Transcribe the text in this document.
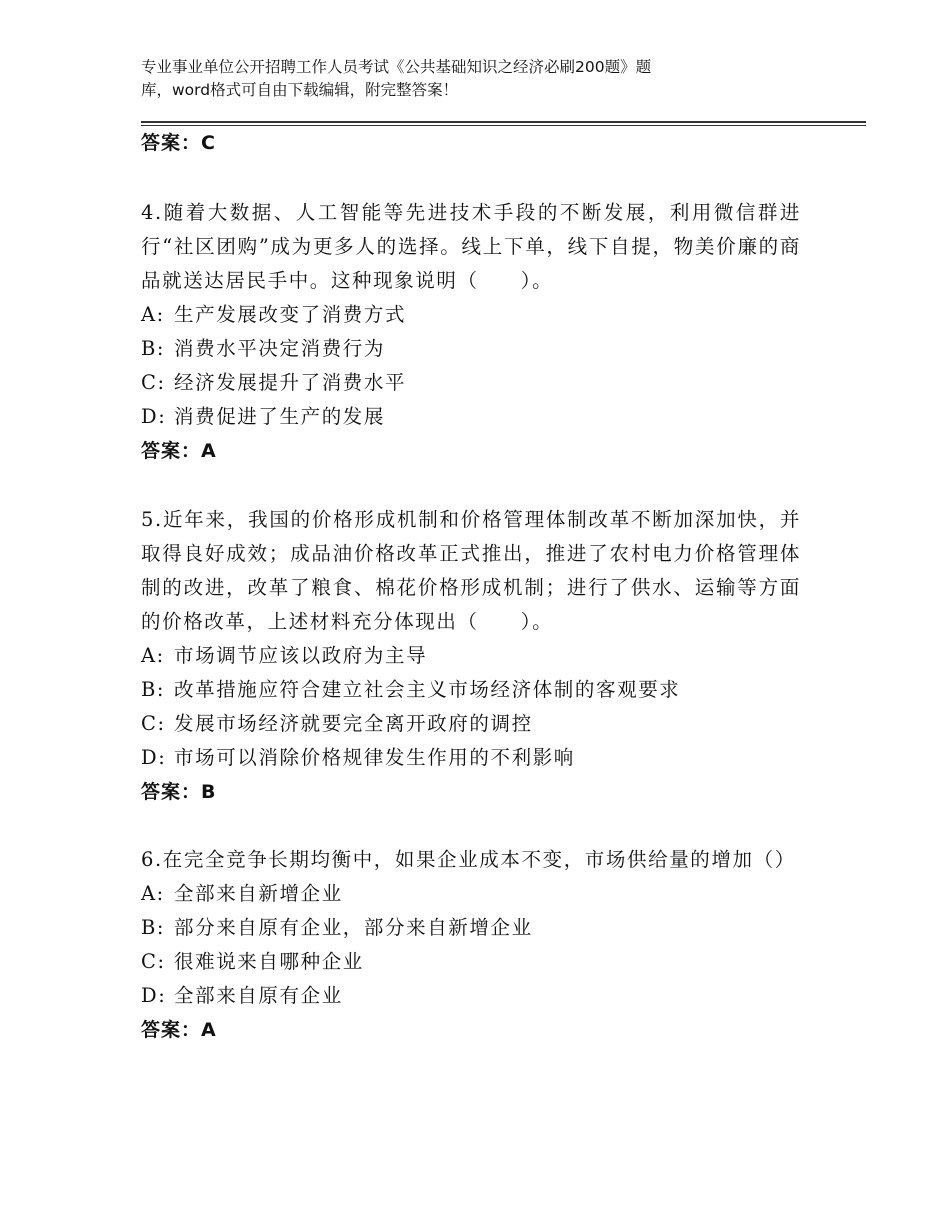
专业事业单位公开招聘工作人员考试《公共基础知识之经济必刷200题》题
库，word格式可自由下载编辑，附完整答案！
答案：C

4.随着大数据、人工智能等先进技术手段的不断发展，利用微信群进行“社区团购”成为更多人的选择。线上下单，线下自提，物美价廉的商品就送达居民手中。这种现象说明（　　）。

A: 生产发展改变了消费方式
B: 消费水平决定消费行为
C: 经济发展提升了消费水平
D: 消费促进了生产的发展
答案：A

5.近年来，我国的价格形成机制和价格管理体制改革不断加深加快，并取得良好成效；成品油价格改革正式推出，推进了农村电力价格管理体制的改进，改革了粮食、棉花价格形成机制；进行了供水、运输等方面的价格改革，上述材料充分体现出（　　）。

A: 市场调节应该以政府为主导
B: 改革措施应符合建立社会主义市场经济体制的客观要求
C: 发展市场经济就要完全离开政府的调控
D: 市场可以消除价格规律发生作用的不利影响
答案：B

6.在完全竞争长期均衡中，如果企业成本不变，市场供给量的增加（）

A: 全部来自新增企业
B: 部分来自原有企业，部分来自新增企业
C: 很难说来自哪种企业
D: 全部来自原有企业
答案：A
